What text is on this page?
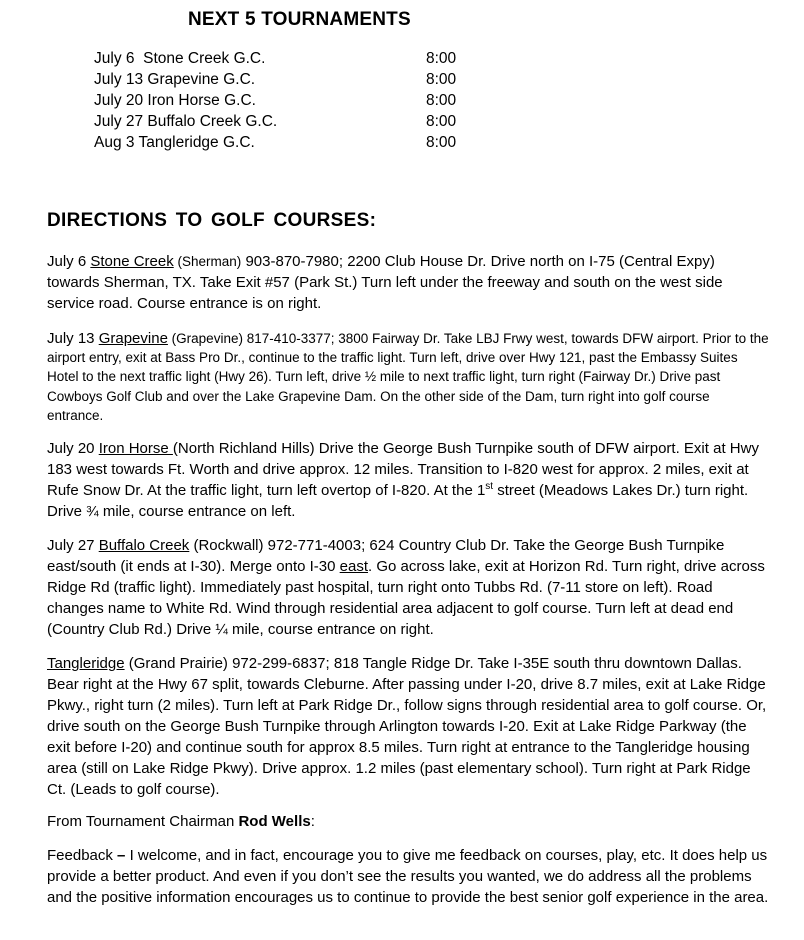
NEXT 5 TOURNAMENTS
July 6  Stone Creek G.C.	8:00
July 13 Grapevine G.C.	8:00
July 20 Iron Horse G.C.	8:00
July 27 Buffalo Creek G.C.	8:00
Aug 3 Tangleridge G.C.	8:00
DIRECTIONS TO GOLF COURSES:

July 6 Stone Creek (Sherman) 903-870-7980; 2200 Club House Dr. Drive north on I-75 (Central Expy) towards Sherman, TX. Take Exit #57 (Park St.) Turn left under the freeway and south on the west side service road. Course entrance is on right.

July 13 Grapevine (Grapevine) 817-410-3377; 3800 Fairway Dr. Take LBJ Frwy west, towards DFW airport. Prior to the airport entry, exit at Bass Pro Dr., continue to the traffic light. Turn left, drive over Hwy 121, past the Embassy Suites Hotel to the next traffic light (Hwy 26). Turn left, drive ½ mile to next traffic light, turn right (Fairway Dr.) Drive past Cowboys Golf Club and over the Lake Grapevine Dam. On the other side of the Dam, turn right into golf course entrance.

July 20 Iron Horse (North Richland Hills) Drive the George Bush Turnpike south of DFW airport. Exit at Hwy 183 west towards Ft. Worth and drive approx. 12 miles. Transition to I-820 west for approx. 2 miles, exit at Rufe Snow Dr. At the traffic light, turn left overtop of I-820. At the 1st street (Meadows Lakes Dr.) turn right. Drive ¾ mile, course entrance on left.

July 27 Buffalo Creek (Rockwall) 972-771-4003; 624 Country Club Dr. Take the George Bush Turnpike east/south (it ends at I-30). Merge onto I-30 east. Go across lake, exit at Horizon Rd. Turn right, drive across Ridge Rd (traffic light). Immediately past hospital, turn right onto Tubbs Rd. (7-11 store on left). Road changes name to White Rd. Wind through residential area adjacent to golf course. Turn left at dead end (Country Club Rd.) Drive ¼ mile, course entrance on right.

Tangleridge (Grand Prairie) 972-299-6837; 818 Tangle Ridge Dr. Take I-35E south thru downtown Dallas. Bear right at the Hwy 67 split, towards Cleburne. After passing under I-20, drive 8.7 miles, exit at Lake Ridge Pkwy., right turn (2 miles). Turn left at Park Ridge Dr., follow signs through residential area to golf course. Or, drive south on the George Bush Turnpike through Arlington towards I-20. Exit at Lake Ridge Parkway (the exit before I-20) and continue south for approx 8.5 miles. Turn right at entrance to the Tangleridge housing area (still on Lake Ridge Pkwy). Drive approx. 1.2 miles (past elementary school). Turn right at Park Ridge Ct. (Leads to golf course).

From Tournament Chairman Rod Wells:

Feedback – I welcome, and in fact, encourage you to give me feedback on courses, play, etc. It does help us provide a better product. And even if you don’t see the results you wanted, we do address all the problems and the positive information encourages us to continue to provide the best senior golf experience in the area.
